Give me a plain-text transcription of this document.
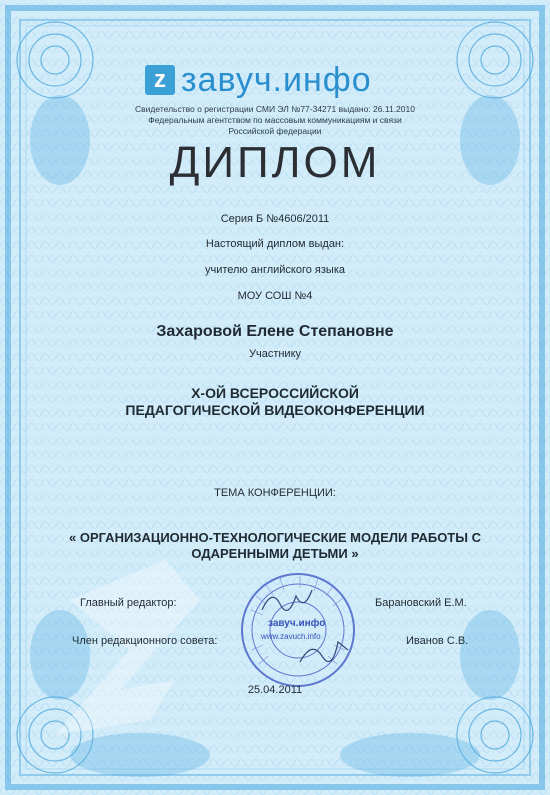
z завуч.инфо
Свидетельство о регистрации СМИ ЭЛ №77-34271 выдано: 26.11.2010
Федеральным агентством по массовым коммуникациям и связи
Российской федерации
ДИПЛОМ
Серия Б №4606/2011
Настоящий диплом выдан:
учителю английского языка
МОУ СОШ №4
Захаровой Елене Степановне
Участнику
Х-ОЙ ВСЕРОССИЙСКОЙ
ПЕДАГОГИЧЕСКОЙ ВИДЕОКОНФЕРЕНЦИИ
ТЕМА КОНФЕРЕНЦИИ:
« ОРГАНИЗАЦИОННО-ТЕХНОЛОГИЧЕСКИЕ МОДЕЛИ РАБОТЫ С
ОДАРЕННЫМИ ДЕТЬМИ »
Главный редактор:	Барановский Е.М.
Член редакционного совета:	Иванов С.В.
завуч.инфо
www.zavuch.info
25.04.2011
